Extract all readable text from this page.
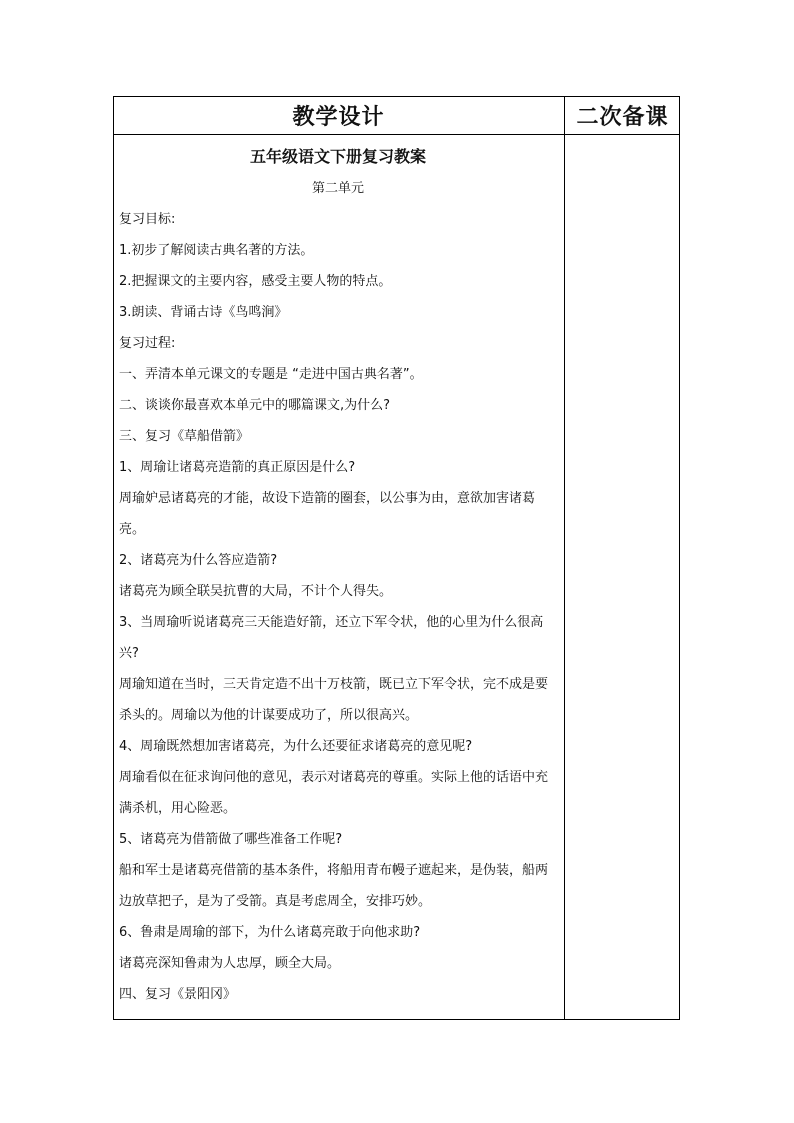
教学设计	二次备课
五年级语文下册复习教案
第二单元
复习目标:
1.初步了解阅读古典名著的方法。
2.把握课文的主要内容，感受主要人物的特点。
3.朗读、背诵古诗《鸟鸣涧》
复习过程:
一、弄清本单元课文的专题是 “走进中国古典名著”。
二、谈谈你最喜欢本单元中的哪篇课文,为什么?
三、复习《草船借箭》
1、周瑜让诸葛亮造箭的真正原因是什么?
周瑜妒忌诸葛亮的才能，故设下造箭的圈套，以公事为由，意欲加害诸葛亮。
2、诸葛亮为什么答应造箭?
诸葛亮为顾全联吴抗曹的大局，不计个人得失。
3、当周瑜听说诸葛亮三天能造好箭，还立下军令状，他的心里为什么很高兴?
周瑜知道在当时，三天肯定造不出十万枝箭，既已立下军令状，完不成是要杀头的。周瑜以为他的计谋要成功了，所以很高兴。
4、周瑜既然想加害诸葛亮，为什么还要征求诸葛亮的意见呢?
周瑜看似在征求询问他的意见，表示对诸葛亮的尊重。实际上他的话语中充满杀机，用心险恶。
5、诸葛亮为借箭做了哪些准备工作呢?
船和军士是诸葛亮借箭的基本条件，将船用青布幔子遮起来，是伪装，船两边放草把子，是为了受箭。真是考虑周全，安排巧妙。
6、鲁肃是周瑜的部下，为什么诸葛亮敢于向他求助?
诸葛亮深知鲁肃为人忠厚，顾全大局。
四、复习《景阳冈》
